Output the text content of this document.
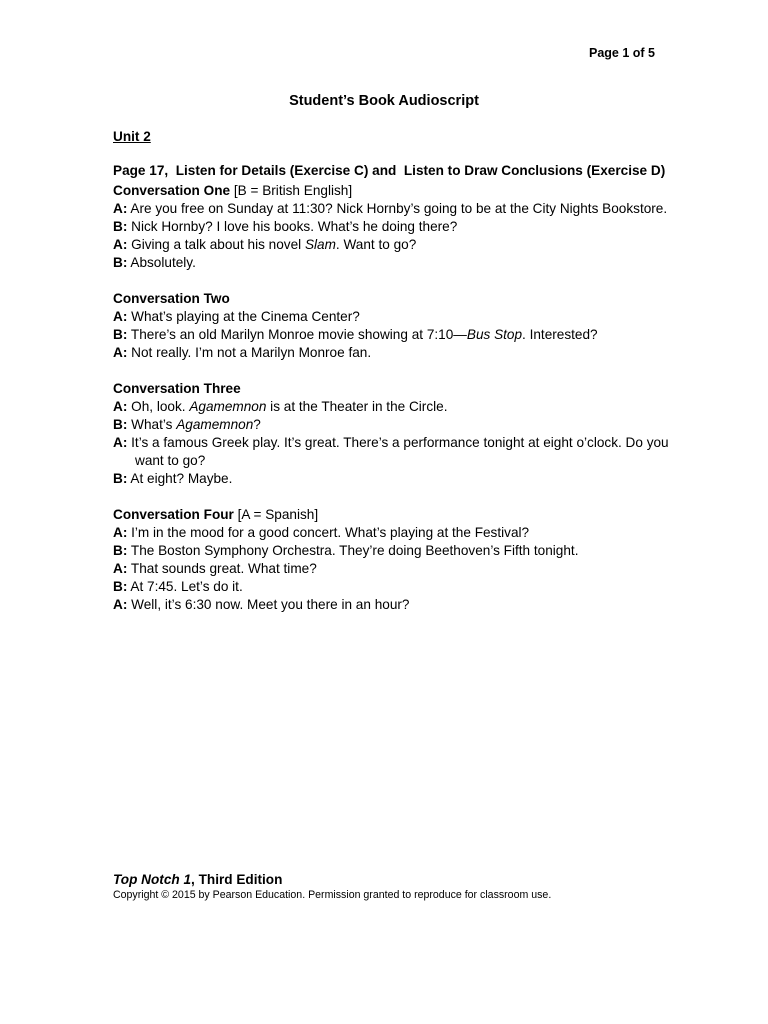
Page 1 of 5
Student’s Book Audioscript
Unit 2
Page 17,  Listen for Details (Exercise C) and  Listen to Draw Conclusions (Exercise D)
Conversation One [B = British English]
A: Are you free on Sunday at 11:30? Nick Hornby’s going to be at the City Nights Bookstore.
B: Nick Hornby? I love his books. What’s he doing there?
A: Giving a talk about his novel Slam. Want to go?
B: Absolutely.
Conversation Two
A: What’s playing at the Cinema Center?
B: There’s an old Marilyn Monroe movie showing at 7:10—Bus Stop. Interested?
A: Not really. I’m not a Marilyn Monroe fan.
Conversation Three
A: Oh, look. Agamemnon is at the Theater in the Circle.
B: What’s Agamemnon?
A: It’s a famous Greek play. It’s great. There’s a performance tonight at eight o’clock. Do you want to go?
B: At eight? Maybe.
Conversation Four [A = Spanish]
A: I’m in the mood for a good concert. What’s playing at the Festival?
B: The Boston Symphony Orchestra. They’re doing Beethoven’s Fifth tonight.
A: That sounds great. What time?
B: At 7:45. Let’s do it.
A: Well, it’s 6:30 now. Meet you there in an hour?
Top Notch 1, Third Edition
Copyright © 2015 by Pearson Education. Permission granted to reproduce for classroom use.
